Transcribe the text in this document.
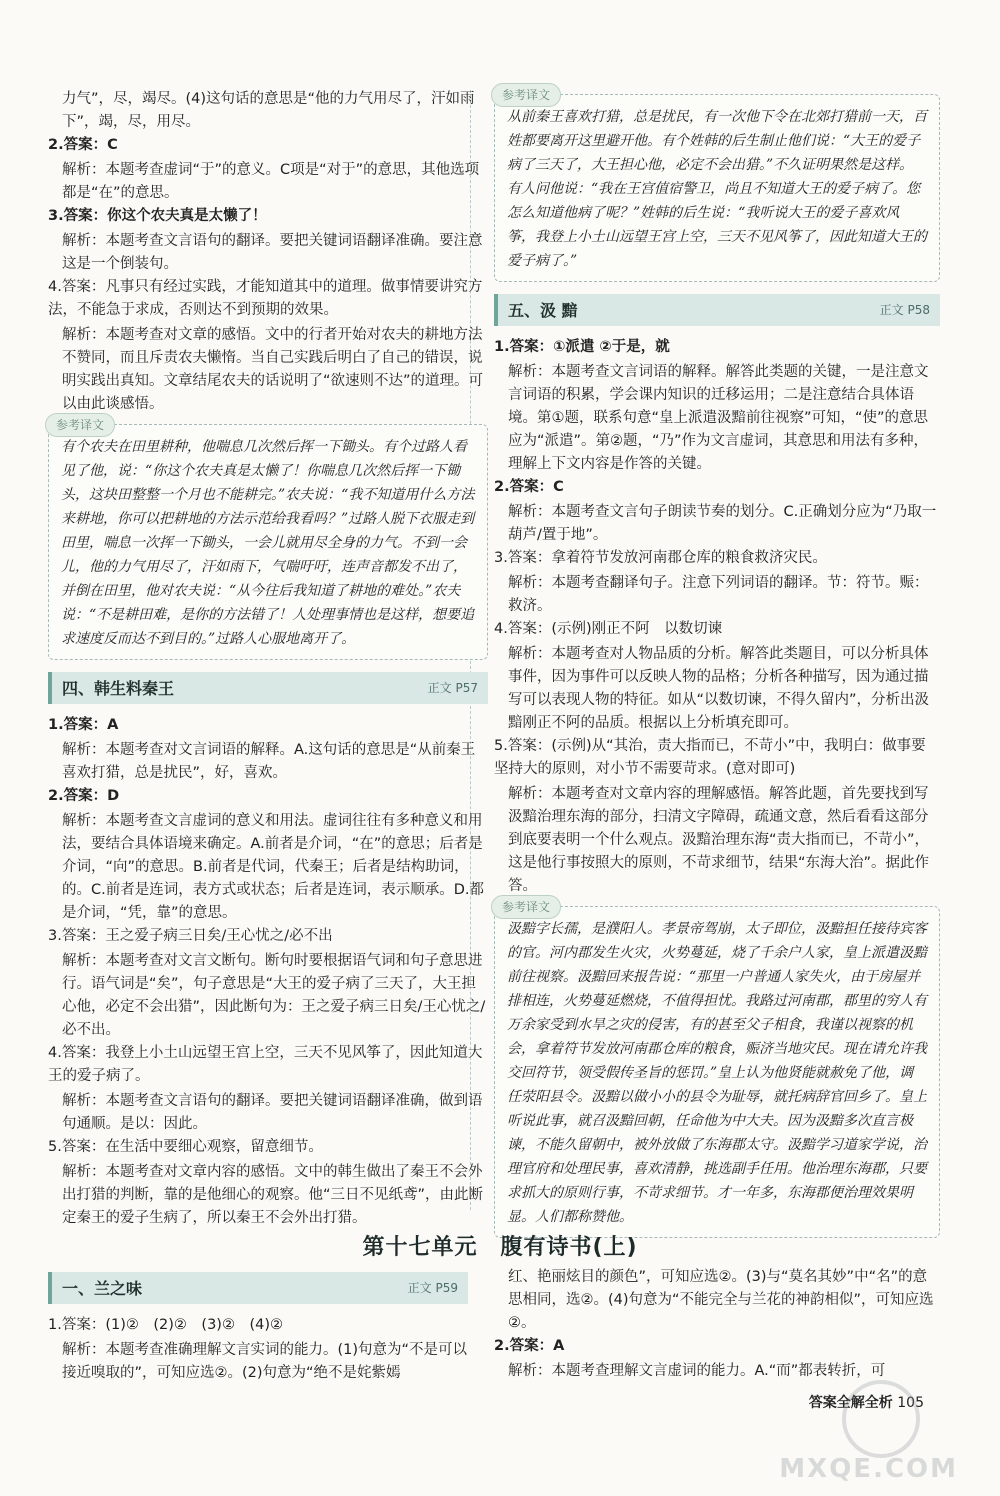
力气”，尽，竭尽。(4)这句话的意思是“他的力气用尽了，汗如雨下”，竭，尽，用尽。
2.答案：C
解析：本题考查虚词“于”的意义。C项是“对于”的意思，其他选项都是“在”的意思。
3.答案：你这个农夫真是太懒了！
解析：本题考查文言语句的翻译。要把关键词语翻译准确。要注意这是一个倒装句。
4.答案：凡事只有经过实践，才能知道其中的道理。做事情要讲究方法，不能急于求成，否则达不到预期的效果。
解析：本题考查对文章的感悟。文中的行者开始对农夫的耕地方法不赞同，而且斥责农夫懒惰。当自己实践后明白了自己的错误，说明实践出真知。文章结尾农夫的话说明了“欲速则不达”的道理。可以由此谈感悟。
参考译文
有个农夫在田里耕种，他喘息几次然后挥一下锄头。有个过路人看见了他，说：“你这个农夫真是太懒了！你喘息几次然后挥一下锄头，这块田整整一个月也不能耕完。”农夫说：“我不知道用什么方法来耕地，你可以把耕地的方法示范给我看吗？”过路人脱下衣服走到田里，喘息一次挥一下锄头，一会儿就用尽全身的力气。不到一会儿，他的力气用尽了，汗如雨下，气喘吁吁，连声音都发不出了，并倒在田里，他对农夫说：“从今往后我知道了耕地的难处。”农夫说：“不是耕田难，是你的方法错了！人处理事情也是这样，想要追求速度反而达不到目的。”过路人心服地离开了。
四、韩生料秦王	正文 P57
1.答案：A
解析：本题考查对文言词语的解释。A.这句话的意思是“从前秦王喜欢打猎，总是扰民”，好，喜欢。
2.答案：D
解析：本题考查文言虚词的意义和用法。虚词往往有多种意义和用法，要结合具体语境来确定。A.前者是介词，“在”的意思；后者是介词，“向”的意思。B.前者是代词，代秦王；后者是结构助词，的。C.前者是连词，表方式或状态；后者是连词，表示顺承。D.都是介词，“凭，靠”的意思。
3.答案：王之爱子病三日矣/王心忧之/必不出
解析：本题考查对文言文断句。断句时要根据语气词和句子意思进行。语气词是“矣”，句子意思是“大王的爱子病了三天了，大王担心他，必定不会出猎”，因此断句为：王之爱子病三日矣/王心忧之/必不出。
4.答案：我登上小土山远望王宫上空，三天不见风筝了，因此知道大王的爱子病了。
解析：本题考查文言语句的翻译。要把关键词语翻译准确，做到语句通顺。是以：因此。
5.答案：在生活中要细心观察，留意细节。
解析：本题考查对文章内容的感悟。文中的韩生做出了秦王不会外出打猎的判断，靠的是他细心的观察。他“三日不见纸鸢”，由此断定秦王的爱子生病了，所以秦王不会外出打猎。
参考译文
从前秦王喜欢打猎，总是扰民，有一次他下令在北郊打猎前一天，百姓都要离开这里避开他。有个姓韩的后生制止他们说：“大王的爱子病了三天了，大王担心他，必定不会出猎。”不久证明果然是这样。有人问他说：“我在王宫值宿警卫，尚且不知道大王的爱子病了。您怎么知道他病了呢？”姓韩的后生说：“我听说大王的爱子喜欢风筝，我登上小土山远望王宫上空，三天不见风筝了，因此知道大王的爱子病了。”
五、汲 黯	正文 P58
1.答案：①派遣 ②于是，就
解析：本题考查文言词语的解释。解答此类题的关键，一是注意文言词语的积累，学会课内知识的迁移运用；二是注意结合具体语境。第①题，联系句意“皇上派遣汲黯前往视察”可知，“使”的意思应为“派遣”。第②题，“乃”作为文言虚词，其意思和用法有多种，理解上下文内容是作答的关键。
2.答案：C
解析：本题考查文言句子朗读节奏的划分。C.正确划分应为“乃取一葫芦/置于地”。
3.答案：拿着符节发放河南郡仓库的粮食救济灾民。
解析：本题考查翻译句子。注意下列词语的翻译。节：符节。赈：救济。
4.答案：(示例)刚正不阿　以数切谏
解析：本题考查对人物品质的分析。解答此类题目，可以分析具体事件，因为事件可以反映人物的品格；分析各种描写，因为通过描写可以表现人物的特征。如从“以数切谏，不得久留内”，分析出汲黯刚正不阿的品质。根据以上分析填充即可。
5.答案：(示例)从“其治，责大指而已，不苛小”中，我明白：做事要坚持大的原则，对小节不需要苛求。(意对即可)
解析：本题考查对文章内容的理解感悟。解答此题，首先要找到写汲黯治理东海的部分，扫清文字障碍，疏通文意，然后看看这部分到底要表明一个什么观点。汲黯治理东海“责大指而已，不苛小”，这是他行事按照大的原则，不苛求细节，结果“东海大治”。据此作答。
参考译文
汲黯字长孺，是濮阳人。孝景帝驾崩，太子即位，汲黯担任接待宾客的官。河内郡发生火灾，火势蔓延，烧了千余户人家，皇上派遣汲黯前往视察。汲黯回来报告说：“那里一户普通人家失火，由于房屋并排相连，火势蔓延燃烧，不值得担忧。我路过河南郡，郡里的穷人有万余家受到水旱之灾的侵害，有的甚至父子相食，我谨以视察的机会，拿着符节发放河南郡仓库的粮食，赈济当地灾民。现在请允许我交回符节，领受假传圣旨的惩罚。”皇上认为他贤能就赦免了他，调任荥阳县令。汲黯以做小小的县令为耻辱，就托病辞官回乡了。皇上听说此事，就召汲黯回朝，任命他为中大夫。因为汲黯多次直言极谏，不能久留朝中，被外放做了东海郡太守。汲黯学习道家学说，治理官府和处理民事，喜欢清静，挑选副手任用。他治理东海郡，只要求抓大的原则行事，不苛求细节。才一年多，东海郡便治理效果明显。人们都称赞他。
第十七单元　腹有诗书(上)
一、兰之味	正文 P59
1.答案：(1)②　(2)②　(3)②　(4)②
解析：本题考查准确理解文言实词的能力。(1)句意为“不是可以接近嗅取的”，可知应选②。(2)句意为“绝不是姹紫嫣
红、艳丽炫目的颜色”，可知应选②。(3)与“莫名其妙”中“名”的意思相同，选②。(4)句意为“不能完全与兰花的神韵相似”，可知应选②。
2.答案：A
解析：本题考查理解文言虚词的能力。A.“而”都表转折，可
答案全解全析 105
MXQE.COM
